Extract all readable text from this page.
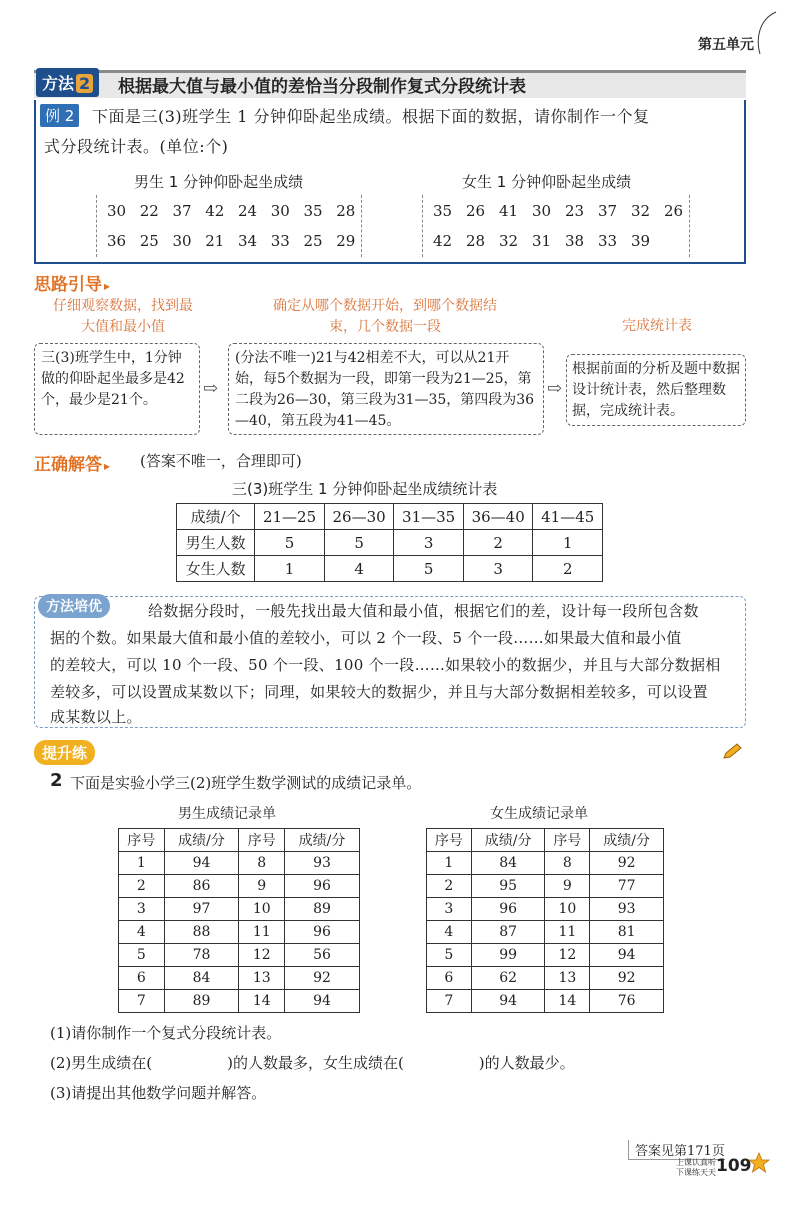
第五单元
方法 2	根据最大值与最小值的差恰当分段制作复式分段统计表
例 2	下面是三(3)班学生 1 分钟仰卧起坐成绩。根据下面的数据，请你制作一个复
式分段统计表。(单位:个)
男生 1 分钟仰卧起坐成绩	女生 1 分钟仰卧起坐成绩
30	22	37	42	24	30	35	28
36	25	30	21	34	33	25	29
35	26	41	30	23	37	32	26
42	28	32	31	38	33	39	
思路引导 ▸
仔细观察数据，找到最大值和最小值
确定从哪个数据开始，到哪个数据结束，几个数据一段	完成统计表
三(3)班学生中，1分钟做的仰卧起坐最多是42个，最少是21个。
⇨
(分法不唯一)21与42相差不大，可以从21开始，每5个数据为一段，即第一段为21—25，第二段为26—30，第三段为31—35，第四段为36—40，第五段为41—45。
⇨
根据前面的分析及题中数据设计统计表，然后整理数据，完成统计表。
正确解答 ▸ (答案不唯一，合理即可)
三(3)班学生 1 分钟仰卧起坐成绩统计表
成绩/个	21—25	26—30	31—35	36—40	41—45
男生人数	5	5	3	2	1
女生人数	1	4	5	3	2
方法培优	给数据分段时，一般先找出最大值和最小值，根据它们的差，设计每一段所包含数
据的个数。如果最大值和最小值的差较小，可以 2 个一段、5 个一段……如果最大值和最小值
的差较大，可以 10 个一段、50 个一段、100 个一段……如果较小的数据少，并且与大部分数据相
差较多，可以设置成某数以下；同理，如果较大的数据少，并且与大部分数据相差较多，可以设置
成某数以上。
提升练
2 下面是实验小学三(2)班学生数学测试的成绩记录单。
男生成绩记录单	女生成绩记录单
序号	成绩/分	序号	成绩/分
1	94	8	93
2	86	9	96
3	97	10	89
4	88	11	96
5	78	12	56
6	84	13	92
7	89	14	94
序号	成绩/分	序号	成绩/分
1	84	8	92
2	95	9	77
3	96	10	93
4	87	11	81
5	99	12	94
6	62	13	92
7	94	14	76
(1)请你制作一个复式分段统计表。
(2)男生成绩在(　　　　　)的人数最多，女生成绩在(　　　　　)的人数最少。
(3)请提出其他数学问题并解答。
答案见第171页
上课认真听
下课练天天 109
